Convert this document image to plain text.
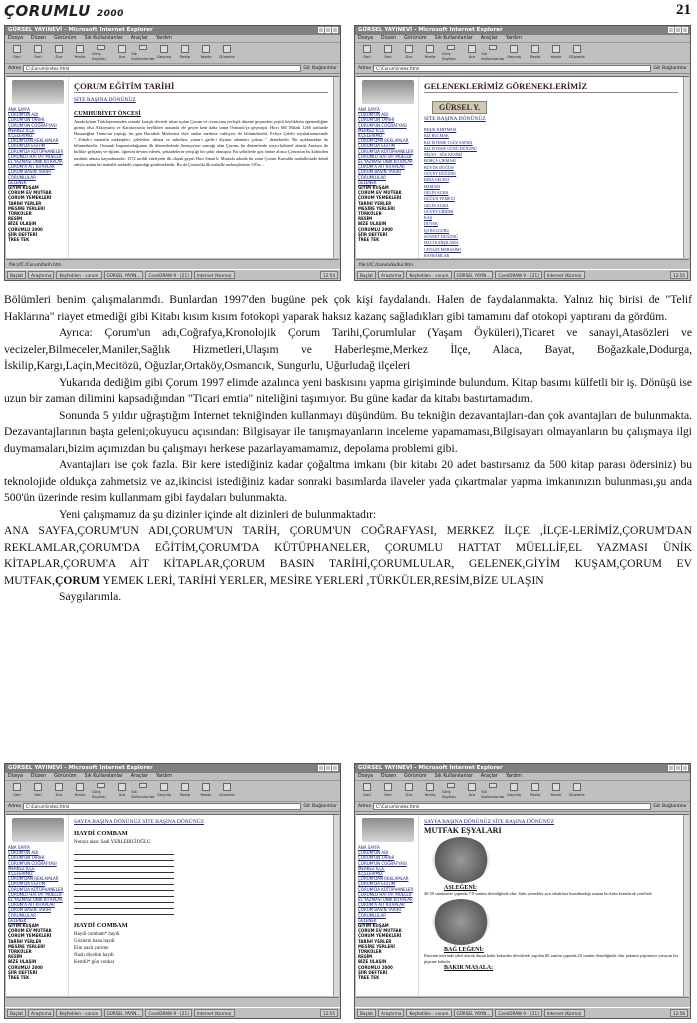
ÇORUMLU 2000	21
GÜRSEL YAYINEVİ - Microsoft Internet Explorer
Dosya Düzen Görünüm Sık Kullanılanlar Araçlar Yardım
Geri	İleri	Dur	Yenile
Giriş Sayfası	Ara
Sık Kullanılanlar Geçmiş Posta	Yazdır Düzenle
Adres	C:\Corum\index.html	Git Bağlantılar
ANA SAYFA
ÇORUM'UN ADI
ÇORUM'UN TARİHİ
ÇORUM'UN COĞRAFYASI
MERKEZ İLÇE
İLÇELERİMİZ
ÇORUM'DAN REKLAMLAR
ÇORUM'DA EĞİTİM
ÇORUM'DA KÜTÜPHANELER
ÇORUMLU HATTAT MÜELLİF
EL YAZMASI ÜNİK KİTAPLAR
ÇORUM'A AİT KİTAPLAR
ÇORUM BASIN TARİHİ
ÇORUMLULAR
GELENEK
GİYİM KUŞAM
ÇORUM EV MUTFAK
ÇORUM YEMEKLERİ
TARİHİ YERLER
MESİRE YERLERİ
TÜRKÜLER
RESİM
BİZE ULAŞIN
ÇORUMLU 2000
ŞİİR DEFTERİ
TREE TEK
ÇORUM EĞİTİM TARİHİ
SİTE BAŞINA DÖNÜNÜZ
CUMHURİYET ÖNCESİ
Anadolu'nun Türkleşmesinden sonraki karışık devirde iskan açılan Çorum ve civarı,tam yerleşik düzene geçmeden çeşitli beyliklerin egemenliğine girmiş olsa Akkoyunlu ve Karakoyunlu beylikleri arasında ele geçen kent daha sonra Osmanlı'ya geçmiştir. Hicri 665 Miladi 1266 tarihinde Hasanoğlan Timur'un yaptığı, bu gün Hacıabdi Medresesi diye anılan medrese vakfiyesi ile bilinmektedir. Evliya Çelebi seyahatnamesinde "...Erbab-ı maarifin mektepleri, çelebileri, ulema ve suhedası, yaran-ı garib-i diyarın adamları çoktur..." demektedir. Bu açıklamadan da bilinmektedir. Osmanlı İmparatorluğunun ilk dönemlerinde Amasya'nın sancağı olan Çorum, bu dönemlerde sosyo-kültürel alanda Amasya ile birlikte gelişmiş ve eğitim, öğretim devam ederek, şehzadelerin yetiştiği bir şehir olmuştur. Bu şehirlerde göz önüne alınca Çorum'un bu kültürden nasibini alması kaçınılmazdır. 1572 tarihli vakfiyede ilk olarak geçen Hacı Sinan b. Mustafa adında bir zatın Çorum Kurtuldu mahallesinde kendi adıyla anılan bir mahalle mektebi yaptırdığı görülmektedir. Bu da Çorum'da ilk mahalle mekteplerinin 1/8'in...
file:///C:/Corum/tarih.htm
Başlat	Araştırma	Keşfedilen - corum	GÜRSEL YAYIN...	CorelDRAW 9 - [21]	Internet (Karma)	12:54
GÜRSEL YAYINEVİ - Microsoft Internet Explorer
Dosya Düzen Görünüm Sık Kullanılanlar Araçlar Yardım
Geri	İleri	Dur	Yenile
Giriş Sayfası	Ara
Sık Kullanılanlar Geçmiş Posta	Yazdır Düzenle
Adres	C:\Corum\index.html	Git Bağlantılar
ANA SAYFA
ÇORUM'UN ADI
ÇORUM'UN TARİHİ
ÇORUM'UN COĞRAFYASI
MERKEZ İLÇE
İLÇELERİMİZ
ÇORUM'DAN REKLAMLAR
ÇORUM'DA EĞİTİM
ÇORUM'DA KÜTÜPHANELER
ÇORUMLU HATTAT MÜELLİF
EL YAZMASI ÜNİK KİTAPLAR
ÇORUM'A AİT KİTAPLAR
ÇORUM BASIN TARİHİ
ÇORUMLULAR
GELENEK
GİYİM KUŞAM
ÇORUM EV MUTFAK
ÇORUM YEMEKLERİ
TARİHİ YERLER
MESİRE YERLERİ
TÜRKÜLER
RESİM
BİZE ULAŞIN
ÇORUMLU 2000
ŞİİR DEFTERİ
TREE TEK
GELENEKLERİMİZ GÖRENEKLERİMİZ
GÜRSEL Y.
SİTE BAŞINA DÖNÜNÜZ
BEŞİK KERTMESİ
KIZ BULMAK
KIZ İSTEME-İ GÜZ SATMA
KIZ İSTEME GÜNÜ DÜNÜRÜ
NİŞAN - SÖZ KESİMİ
BOHÇA ÇIKMASI
BÜYÜK DÜĞÜN
GÜVEY DÜĞÜNÜ
KINA GECESİ
HAMAM
GELİN ALMA
DÜĞÜN YEMEĞİ
GELİN ALMA
GÜVEY GİRDİSİ
KAŞ
DUVAK
İŞİ BULGURU
SÜNNET DÜĞÜNÜ
HACI KARŞILAMA
CENAZE MERASİMİ
BAYRAMLAR
file:///C:/corum/kultur.htm
Başlat	Araştırma	Keşfedilen - corum	GÜRSEL YAYIN...	CorelDRAW 9 - [21]	Internet (Karma)	12:55
GÜRSEL YAYINEVİ - Microsoft Internet Explorer
Dosya Düzen Görünüm Sık Kullanılanlar Araçlar Yardım
Geri	İleri	Dur	Yenile
Giriş Sayfası	Ara
Sık Kullanılanlar Geçmiş Posta	Yazdır Düzenle
Adres	C:\Corum\index.html	Git Bağlantılar
ANA SAYFA
ÇORUM'UN ADI
ÇORUM'UN TARİHİ
ÇORUM'UN COĞRAFYASI
MERKEZ İLÇE
İLÇELERİMİZ
ÇORUM'DAN REKLAMLAR
ÇORUM'DA EĞİTİM
ÇORUM'DA KÜTÜPHANELER
ÇORUMLU HATTAT MÜELLİF
EL YAZMASI ÜNİK KİTAPLAR
ÇORUM'A AİT KİTAPLAR
ÇORUM BASIN TARİHİ
ÇORUMLULAR
GELENEK
GİYİM KUŞAM
ÇORUM EV MUTFAK
ÇORUM YEMEKLERİ
TARİHİ YERLER
MESİRE YERLERİ
TÜRKÜLER
RESİM
BİZE ULAŞIN
ÇORUMLU 2000
ŞİİR DEFTERİ
TREE TEK
SAYFA BAŞINA DÖNÜNÜZ SİTE BAŞINA DÖNÜNÜZ
HAYDİ COMBAM
Notaya alan: Sadi YERLEBİCİOĞLU
HAYDİ COMBAM
Haydi combam* haydi
Gözlerin bana haydi
Elin nazlı yarime
Nazlı diyelim haydi
Kemlil* gün vonkar
Başlat	Araştırma	Keşfedilen - corum	GÜRSEL YAYIN...	CorelDRAW 9 - [21]	Internet (Karma)	12:55
GÜRSEL YAYINEVİ - Microsoft Internet Explorer
Dosya Düzen Görünüm Sık Kullanılanlar Araçlar Yardım
Geri	İleri	Dur	Yenile
Giriş Sayfası	Ara
Sık Kullanılanlar Geçmiş Posta	Yazdır Düzenle
Adres	C:\Corum\index.html	Git Bağlantılar
ANA SAYFA
ÇORUM'UN ADI
ÇORUM'UN TARİHİ
ÇORUM'UN COĞRAFYASI
MERKEZ İLÇE
İLÇELERİMİZ
ÇORUM'DAN REKLAMLAR
ÇORUM'DA EĞİTİM
ÇORUM'DA KÜTÜPHANELER
ÇORUMLU HATTAT MÜELLİF
EL YAZMASI ÜNİK KİTAPLAR
ÇORUM'A AİT KİTAPLAR
ÇORUM BASIN TARİHİ
ÇORUMLULAR
GELENEK
GİYİM KUŞAM
ÇORUM EV MUTFAK
ÇORUM YEMEKLERİ
TARİHİ YERLER
MESİRE YERLERİ
TÜRKÜLER
RESİM
BİZE ULAŞIN
ÇORUMLU 2000
ŞİİR DEFTERİ
TREE TEK
SAYFA BAŞINA DÖNÜNÜZ SİTE BAŞINA DÖNÜNÜZ
MUTFAK EŞYALARI
AŞLEĞENİ:
40-50 santimetre çapında,7-8 santim derinliğinde olur. Sulu yemekler ayrı tabaklara konulmadığı zaman bu kaba konularak yenilirdi.
BAĞ LEĞENİ:
Kürenin üzerinde tahıl olarak duran,kalın bakırdan dövülerek yapılan,80 santim çapında,20 santim derinliğinde olur pekmez pişirmeye yarayan bir pişirme kabıdır.
BAKIR MAŞALA:
Başlat	Araştırma	Keşfedilen - corum	GÜRSEL YAYIN...	CorelDRAW 9 - [21]	Internet (Karma)	12:56

Bölümleri benim çalışmalarımdı. Bunlardan 1997'den bugüne pek çok kişi faydalandı. Halen de faydalanmakta. Yalnız hiç birisi de "Telif Haklarına" riayet etmediği gibi Kitabı kısım kısım fotokopi yaparak haksız kazanç sağladıkları gibi tamamını daf otokopi yaptıranı da gördüm.

Ayrıca: Çorum'un adı,Coğrafya,Kronolojik Çorum Tarihi,Çorumlular (Yaşam Öyküleri),Ticaret ve sanayi,Atasözleri ve vecizeler,Bilmeceler,Maniler,Sağlık Hizmetleri,Ulaşım ve Haberleşme,Merkez İlçe, Alaca, Bayat, Boğazkale,Dodurga, İskilip,Kargı,Laçin,Mecitözü, Oğuzlar,Ortaköy,Osmancık, Sungurlu, Uğurludağ ilçeleri

Yukarıda dediğim gibi Çorum 1997 elimde azalınca yeni baskısını yapma girişiminde bulundum. Kitap basımı külfetli bir iş. Dönüşü ise uzun bir zaman dilimini kapsadığından "Ticari emtia" niteliğini taşımıyor. Bu güne kadar da kitabı bastırtamadım.

Sonunda 5 yıldır uğraştığım Internet tekniğinden kullanmayı düşündüm. Bu tekniğin dezavantajları-dan çok avantajları de bulunmakta. Dezavantajlarının başta geleni;okuyucu açısından: Bilgisayar ile tanışmayanların inceleme yapamaması,Bilgisayarı olmayanların bu çalışmaya ilgi duymamaları,bizim açımızdan bu çalışmayı herkese pazarlayamamamız, depolama problemi gibi.

Avantajları ise çok fazla. Bir kere istediğiniz kadar çoğaltma imkanı (bir kitabı 20 adet bastırsanız da 500 kitap parası ödersiniz) bu teknolojide oldukça zahmetsiz ve az,ikincisi istediğiniz kadar sonraki basımlarda ilaveler yada çıkartmalar yapma imkanınızın bulunması,şu anda 500'ün üzerinde resim kullanmam gibi faydaları bulunmakta.

Yeni çalışmamız da şu dizinler içinde alt dizinleri de bulunmaktadır:

ANA SAYFA,ÇORUM'UN ADI,ÇORUM'UN TARİH, ÇORUM'UN COĞRAFYASI, MERKEZ İLÇE ,İLÇE-LERİMİZ,ÇORUM'DAN REKLAMLAR,ÇORUM'DA EĞİTİM,ÇORUM'DA KÜTÜPHANELER, ÇORUMLU HATTAT MÜELLİF,EL YAZMASI ÜNİK KİTAPLAR,ÇORUM'A AİT KİTAPLAR,ÇORUM BASIN TARİHİ,ÇORUMLULAR, GELENEK,GİYİM KUŞAM,ÇORUM EV MUTFAK,ÇORUM YEMEK LERİ, TARİHİ YERLER, MESİRE YERLERİ ,TÜRKÜLER,RESİM,BİZE ULAŞIN

Saygılarımla.
